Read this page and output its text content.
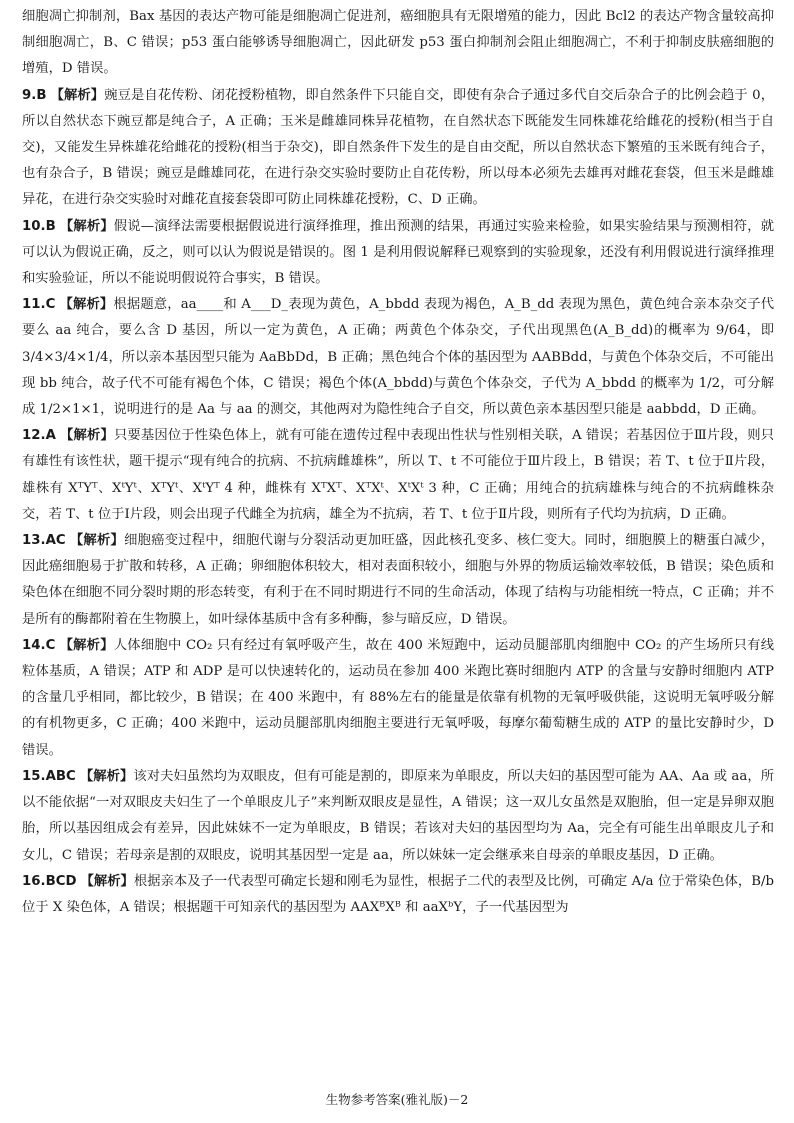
细胞凋亡抑制剂，Bax 基因的表达产物可能是细胞凋亡促进剂，癌细胞具有无限增殖的能力，因此 Bcl2 的表达产物含量较高抑制细胞凋亡，B、C 错误；p53 蛋白能够诱导细胞凋亡，因此研发 p53 蛋白抑制剂会阻止细胞凋亡，不利于抑制皮肤癌细胞的增殖，D 错误。

9.B 【解析】豌豆是自花传粉、闭花授粉植物，即自然条件下只能自交，即使有杂合子通过多代自交后杂合子的比例会趋于 0，所以自然状态下豌豆都是纯合子，A 正确；玉米是雌雄同株异花植物，在自然状态下既能发生同株雄花给雌花的授粉(相当于自交)，又能发生异株雄花给雌花的授粉(相当于杂交)，即自然条件下发生的是自由交配，所以自然状态下繁殖的玉米既有纯合子，也有杂合子，B 错误；豌豆是雌雄同花，在进行杂交实验时要防止自花传粉，所以母本必须先去雄再对雌花套袋，但玉米是雌雄异花，在进行杂交实验时对雌花直接套袋即可防止同株雄花授粉，C、D 正确。

10.B 【解析】假说—演绎法需要根据假说进行演绎推理，推出预测的结果，再通过实验来检验，如果实验结果与预测相符，就可以认为假说正确，反之，则可以认为假说是错误的。图 1 是利用假说解释已观察到的实验现象，还没有利用假说进行演绎推理和实验验证，所以不能说明假说符合事实，B 错误。

11.C 【解析】根据题意，aa____和 A___D_表现为黄色，A_bbdd 表现为褐色，A_B_dd 表现为黑色，黄色纯合亲本杂交子代要么 aa 纯合，要么含 D 基因，所以一定为黄色，A 正确；两黄色个体杂交，子代出现黑色(A_B_dd)的概率为 9/64，即 3/4×3/4×1/4，所以亲本基因型只能为 AaBbDd，B 正确；黑色纯合个体的基因型为 AABBdd，与黄色个体杂交后，不可能出现 bb 纯合，故子代不可能有褐色个体，C 错误；褐色个体(A_bbdd)与黄色个体杂交，子代为 A_bbdd 的概率为 1/2，可分解成 1/2×1×1，说明进行的是 Aa 与 aa 的测交，其他两对为隐性纯合子自交，所以黄色亲本基因型只能是 aabbdd，D 正确。

12.A 【解析】只要基因位于性染色体上，就有可能在遗传过程中表现出性状与性别相关联，A 错误；若基因位于Ⅲ片段，则只有雄性有该性状，题干提示“现有纯合的抗病、不抗病雌雄株”，所以 T、t 不可能位于Ⅲ片段上，B 错误；若 T、t 位于Ⅱ片段，雄株有 XᵀYᵀ、XᵗYᵗ、XᵀYᵗ、XᵗYᵀ 4 种，雌株有 XᵀXᵀ、XᵀXᵗ、XᵗXᵗ 3 种，C 正确；用纯合的抗病雄株与纯合的不抗病雌株杂交，若 T、t 位于Ⅰ片段，则会出现子代雌全为抗病，雄全为不抗病，若 T、t 位于Ⅱ片段，则所有子代均为抗病，D 正确。

13.AC 【解析】细胞癌变过程中，细胞代谢与分裂活动更加旺盛，因此核孔变多、核仁变大。同时，细胞膜上的糖蛋白减少，因此癌细胞易于扩散和转移，A 正确；卵细胞体积较大，相对表面积较小，细胞与外界的物质运输效率较低，B 错误；染色质和染色体在细胞不同分裂时期的形态转变，有利于在不同时期进行不同的生命活动，体现了结构与功能相统一特点，C 正确；并不是所有的酶都附着在生物膜上，如叶绿体基质中含有多种酶，参与暗反应，D 错误。

14.C 【解析】人体细胞中 CO₂ 只有经过有氧呼吸产生，故在 400 米短跑中，运动员腿部肌肉细胞中 CO₂ 的产生场所只有线粒体基质，A 错误；ATP 和 ADP 是可以快速转化的，运动员在参加 400 米跑比赛时细胞内 ATP 的含量与安静时细胞内 ATP 的含量几乎相同，都比较少，B 错误；在 400 米跑中，有 88%左右的能量是依靠有机物的无氧呼吸供能，这说明无氧呼吸分解的有机物更多，C 正确；400 米跑中，运动员腿部肌肉细胞主要进行无氧呼吸，每摩尔葡萄糖生成的 ATP 的量比安静时少，D 错误。

15.ABC 【解析】该对夫妇虽然均为双眼皮，但有可能是割的，即原来为单眼皮，所以夫妇的基因型可能为 AA、Aa 或 aa，所以不能依据“一对双眼皮夫妇生了一个单眼皮儿子”来判断双眼皮是显性，A 错误；这一双儿女虽然是双胞胎，但一定是异卵双胞胎，所以基因组成会有差异，因此妹妹不一定为单眼皮，B 错误；若该对夫妇的基因型均为 Aa，完全有可能生出单眼皮儿子和女儿，C 错误；若母亲是割的双眼皮，说明其基因型一定是 aa，所以妹妹一定会继承来自母亲的单眼皮基因，D 正确。

16.BCD 【解析】根据亲本及子一代表型可确定长翅和刚毛为显性，根据子二代的表型及比例，可确定 A/a 位于常染色体，B/b 位于 X 染色体，A 错误；根据题干可知亲代的基因型为 AAXᴮXᴮ 和 aaXᵇY，子一代基因型为

生物参考答案(雅礼版)－2
